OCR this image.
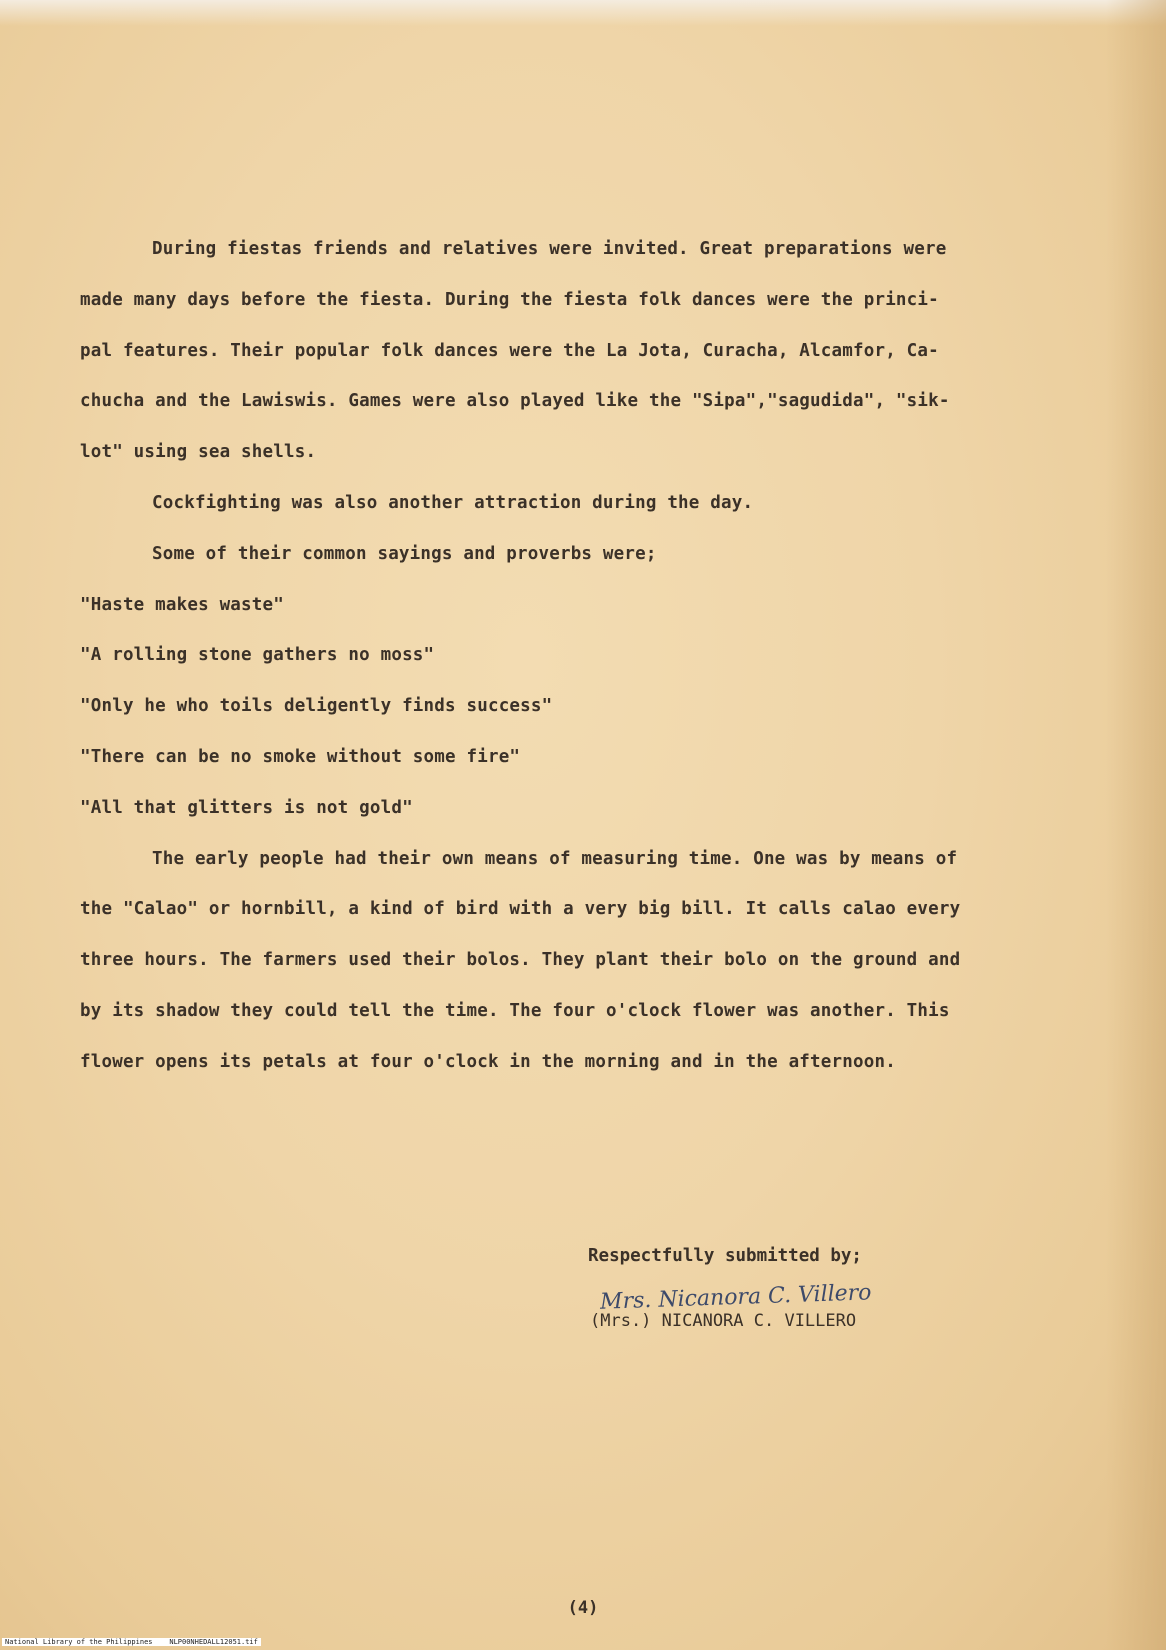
During fiestas friends and relatives were invited. Great preparations were
made many days before the fiesta. During the fiesta folk dances were the princi-
pal features. Their popular folk dances were the La Jota, Curacha, Alcamfor, Ca-
chucha and the Lawiswis. Games were also played like the "Sipa","sagudida", "sik-
lot" using sea shells.
Cockfighting was also another attraction during the day.
Some of their common sayings and proverbs were;
"Haste makes waste"
"A rolling stone gathers no moss"
"Only he who toils deligently finds success"
"There can be no smoke without some fire"
"All that glitters is not gold"
The early people had their own means of measuring time. One was by means of
the "Calao" or hornbill, a kind of bird with a very big bill. It calls calao every
three hours. The farmers used their bolos. They plant their bolo on the ground and
by its shadow they could tell the time. The four o'clock flower was another. This
flower opens its petals at four o'clock in the morning and in the afternoon.
Respectfully submitted by;
Mrs. Nicanora C. Villero
(Mrs.) NICANORA C. VILLERO
(4)
National Library of the Philippines    NLP00NHEDALL12051.tif
